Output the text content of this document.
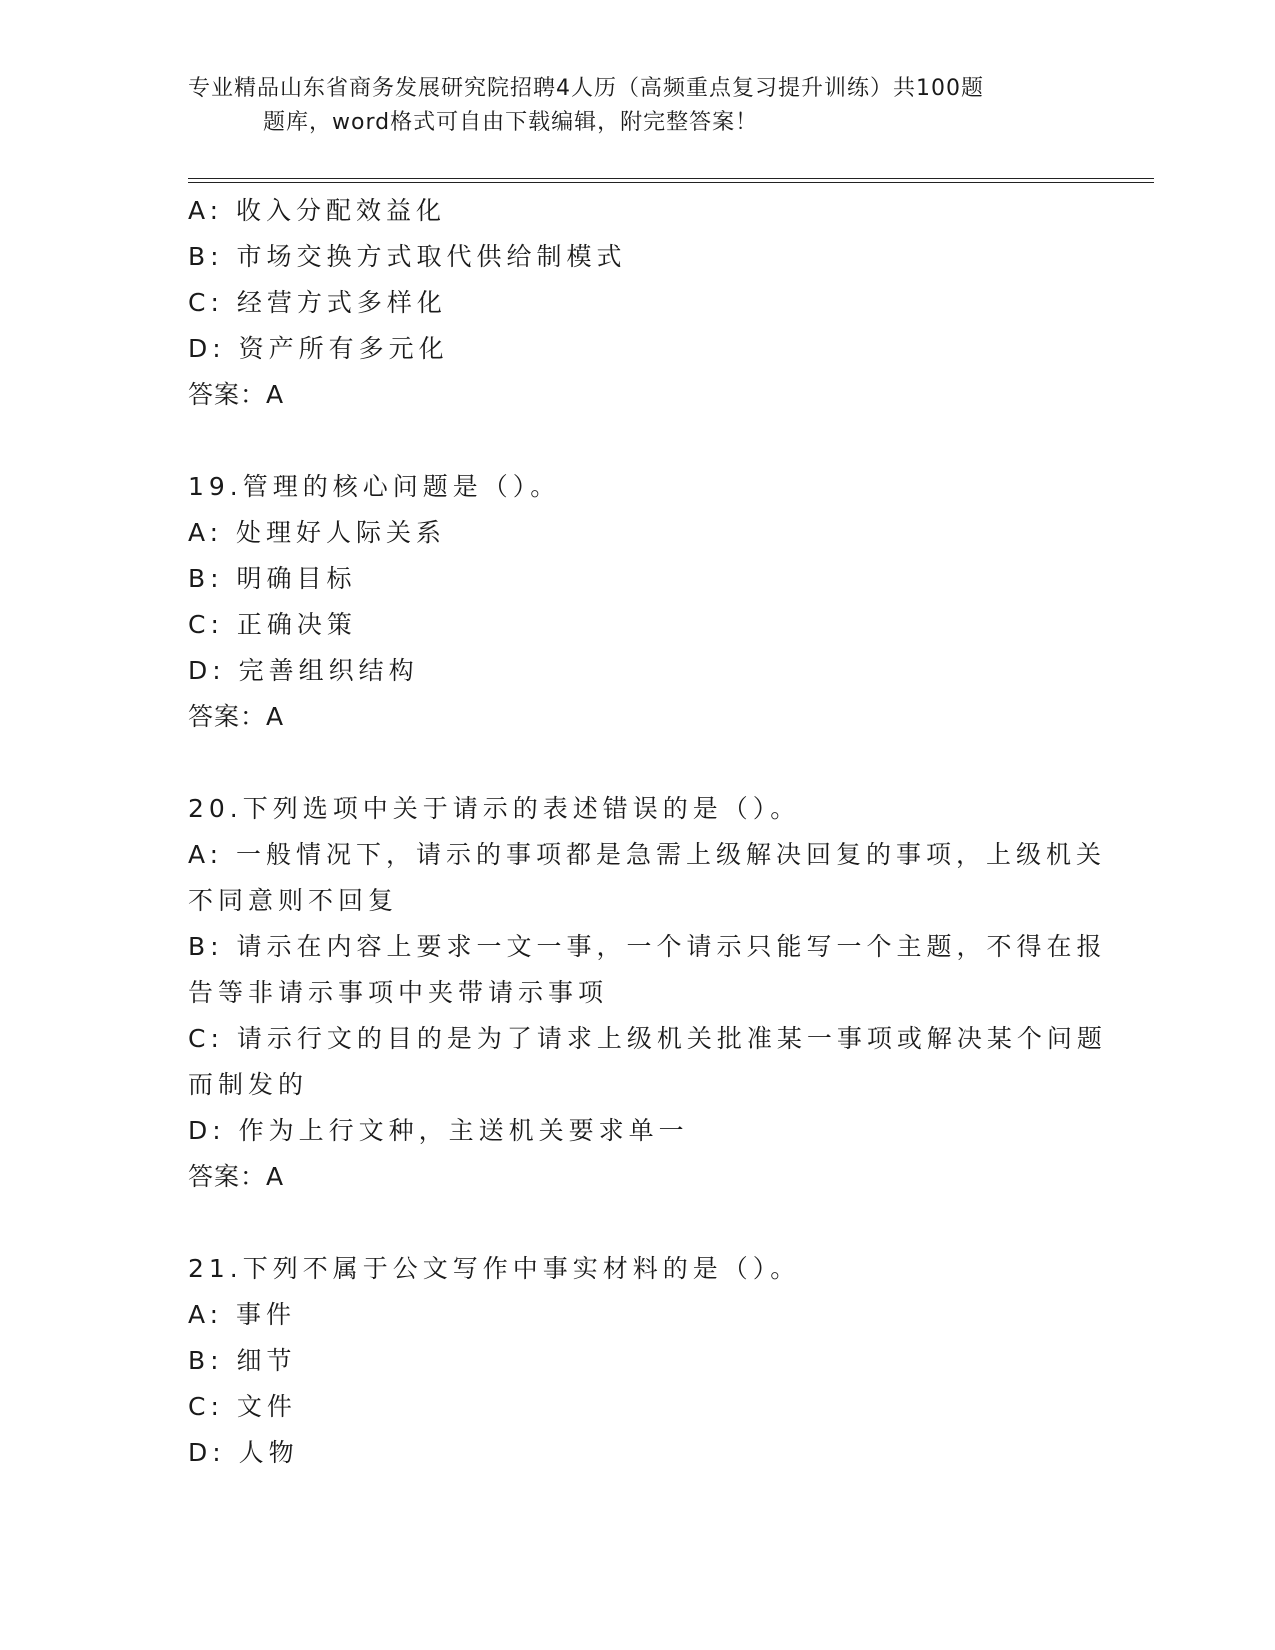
专业精品山东省商务发展研究院招聘4人历（高频重点复习提升训练）共100题
题库，word格式可自由下载编辑，附完整答案！
A: 收入分配效益化
B: 市场交换方式取代供给制模式
C: 经营方式多样化
D: 资产所有多元化
答案：A
19.管理的核心问题是（）。
A: 处理好人际关系
B: 明确目标
C: 正确决策
D: 完善组织结构
答案：A
20.下列选项中关于请示的表述错误的是（）。
A: 一般情况下，请示的事项都是急需上级解决回复的事项，上级机关
不同意则不回复
B: 请示在内容上要求一文一事，一个请示只能写一个主题，不得在报
告等非请示事项中夹带请示事项
C: 请示行文的目的是为了请求上级机关批准某一事项或解决某个问题
而制发的
D: 作为上行文种，主送机关要求单一
答案：A
21.下列不属于公文写作中事实材料的是（）。
A: 事件
B: 细节
C: 文件
D: 人物
